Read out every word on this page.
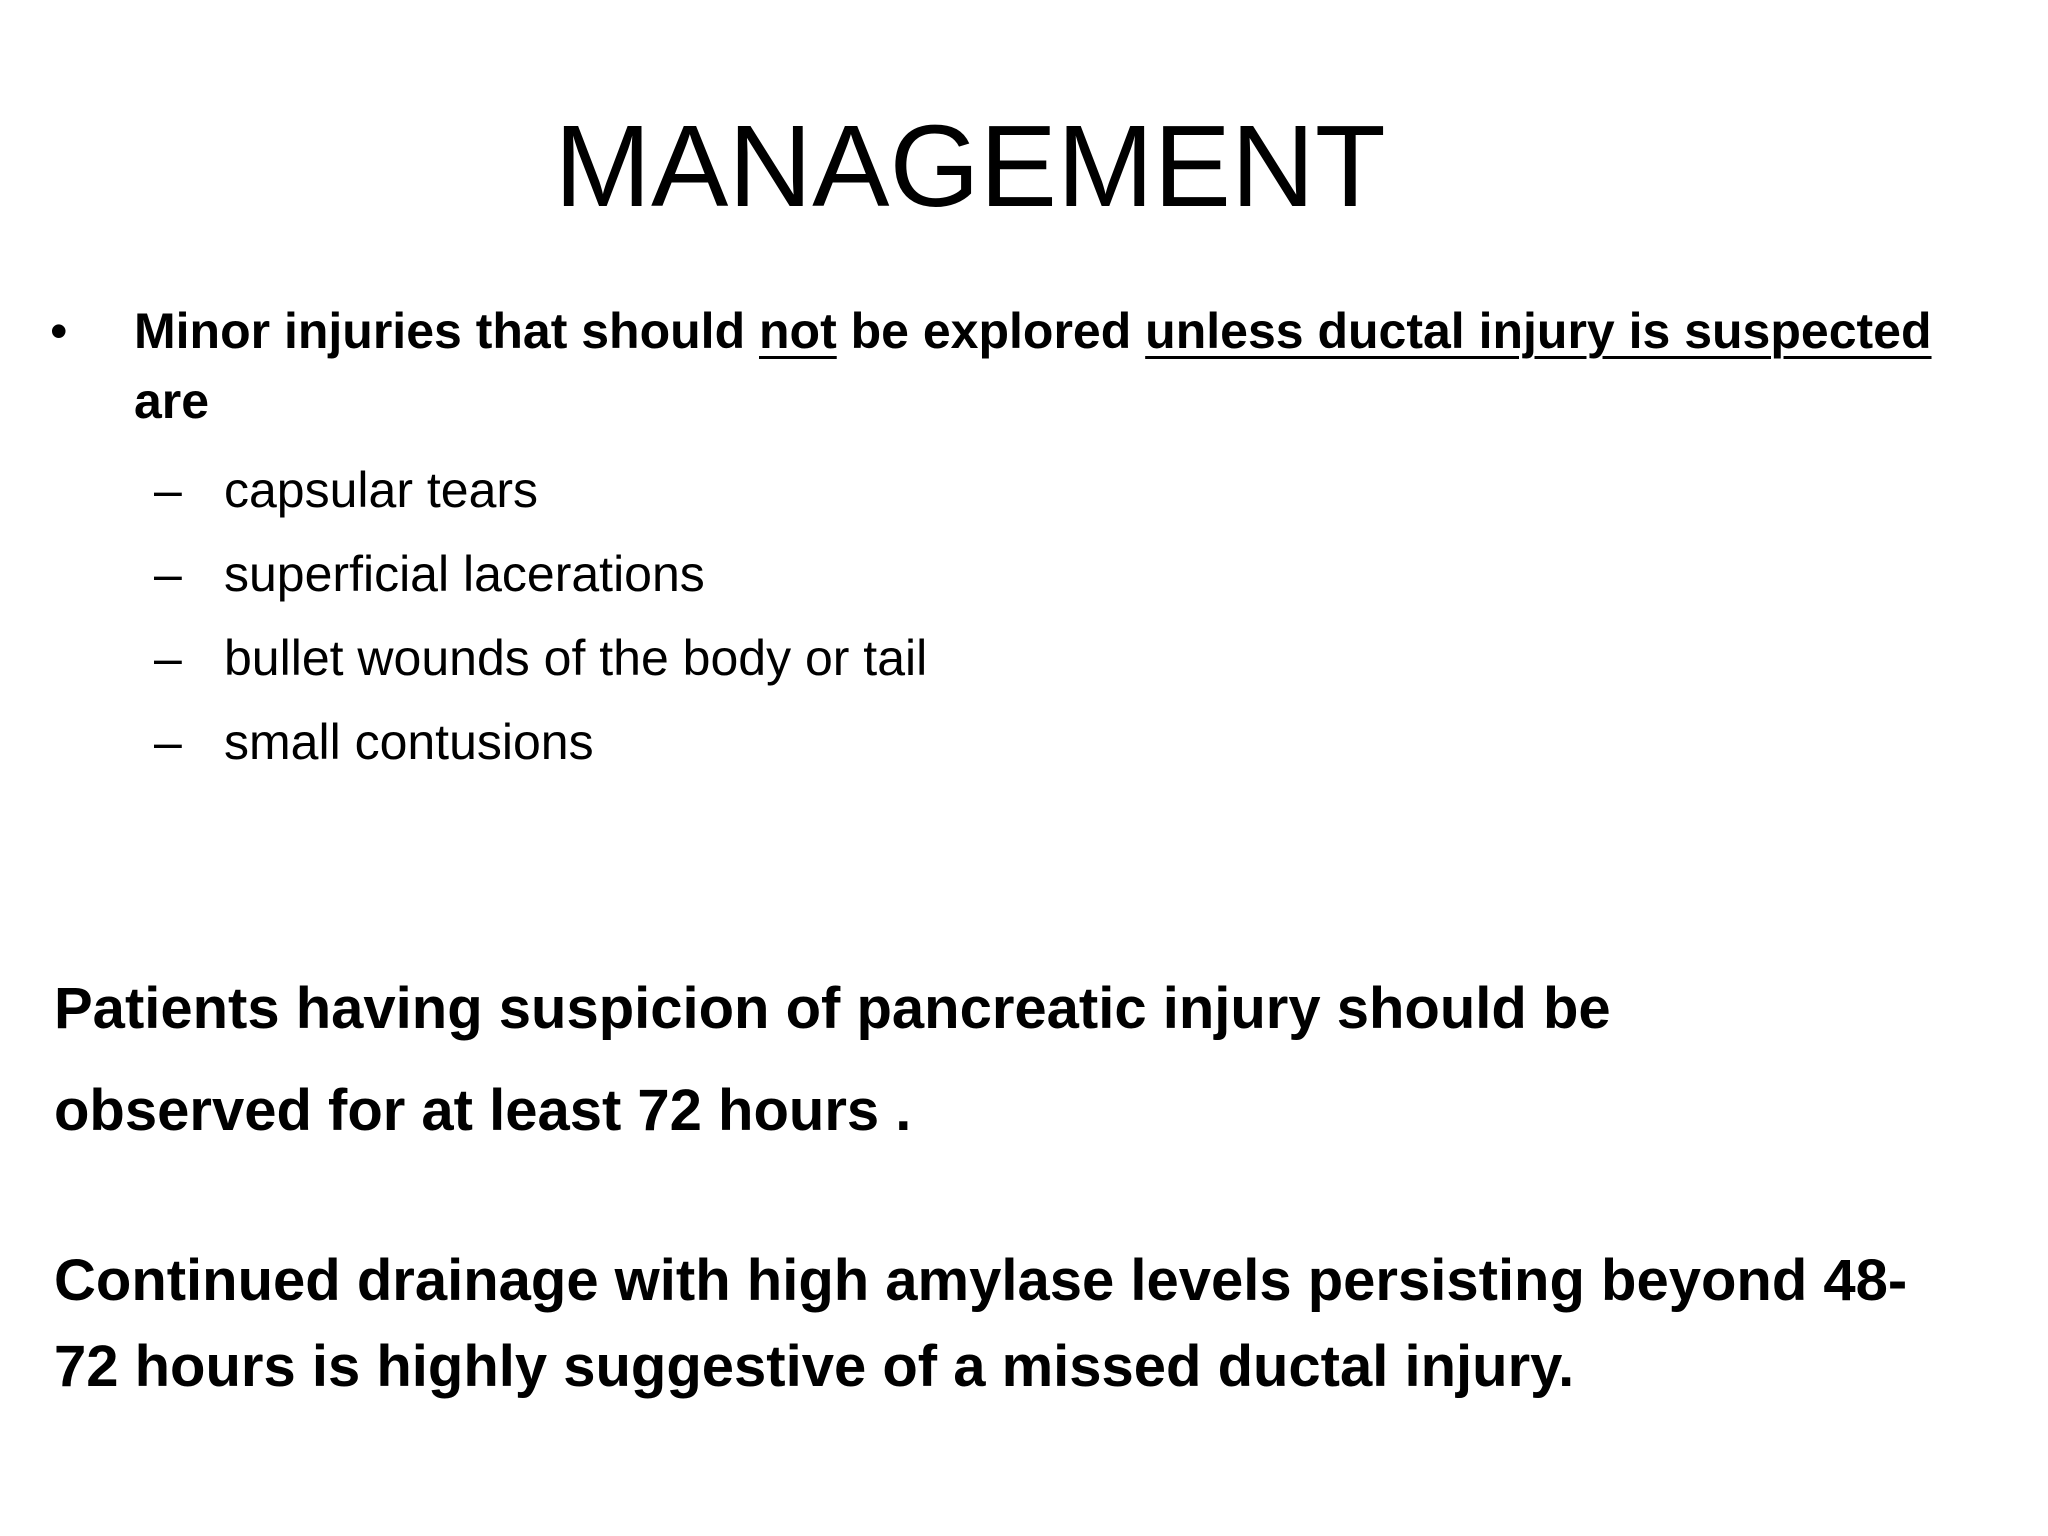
MANAGEMENT
• Minor injuries that should not be explored unless ductal injury is suspected
are
– capsular tears
– superficial lacerations
– bullet wounds of the body or tail
– small contusions
Patients having suspicion of pancreatic injury should be
observed for at least 72 hours .
Continued drainage with high amylase levels persisting beyond 48-
72 hours is highly suggestive of a missed ductal injury.
